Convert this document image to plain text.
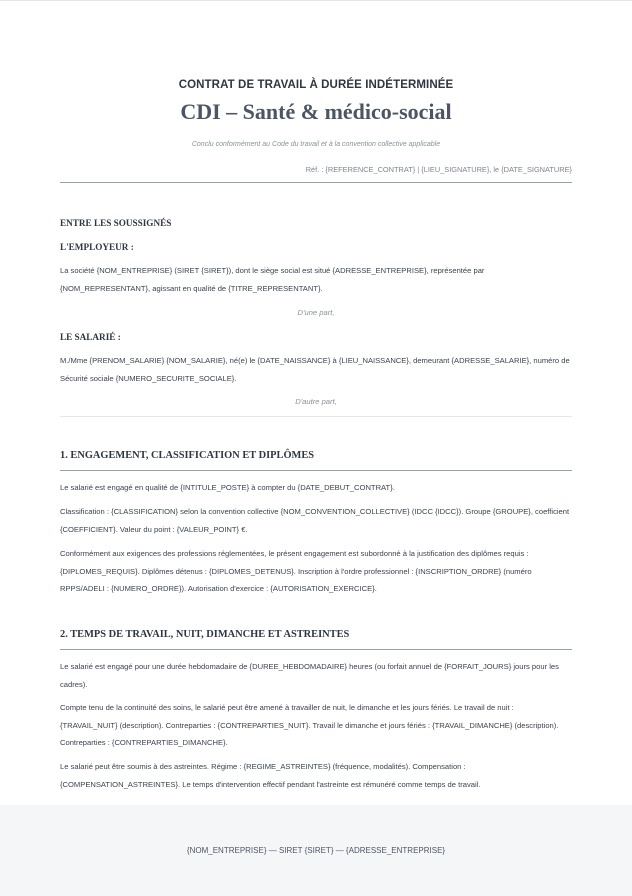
CONTRAT DE TRAVAIL À DURÉE INDÉTERMINÉE
CDI – Santé & médico-social
Conclu conformément au Code du travail et à la convention collective applicable
Réf. : {REFERENCE_CONTRAT} | {LIEU_SIGNATURE}, le {DATE_SIGNATURE}
ENTRE LES SOUSSIGNÉS
L'EMPLOYEUR :
La société {NOM_ENTREPRISE} (SIRET {SIRET}), dont le siège social est situé {ADRESSE_ENTREPRISE}, représentée par {NOM_REPRESENTANT}, agissant en qualité de {TITRE_REPRESENTANT}.
D'une part,
LE SALARIÉ :
M./Mme {PRENOM_SALARIE} {NOM_SALARIE}, né(e) le {DATE_NAISSANCE} à {LIEU_NAISSANCE}, demeurant {ADRESSE_SALARIE}, numéro de Sécurité sociale {NUMERO_SECURITE_SOCIALE}.
D'autre part,
1. ENGAGEMENT, CLASSIFICATION ET DIPLÔMES
Le salarié est engagé en qualité de {INTITULE_POSTE} à compter du {DATE_DEBUT_CONTRAT}.
Classification : {CLASSIFICATION} selon la convention collective {NOM_CONVENTION_COLLECTIVE} (IDCC {IDCC}). Groupe {GROUPE}, coefficient {COEFFICIENT}. Valeur du point : {VALEUR_POINT} €.
Conformément aux exigences des professions réglementées, le présent engagement est subordonné à la justification des diplômes requis : {DIPLOMES_REQUIS}. Diplômes détenus : {DIPLOMES_DETENUS}. Inscription à l'ordre professionnel : {INSCRIPTION_ORDRE} (numéro RPPS/ADELI : {NUMERO_ORDRE}). Autorisation d'exercice : {AUTORISATION_EXERCICE}.
2. TEMPS DE TRAVAIL, NUIT, DIMANCHE ET ASTREINTES
Le salarié est engagé pour une durée hebdomadaire de {DUREE_HEBDOMADAIRE} heures (ou forfait annuel de {FORFAIT_JOURS} jours pour les cadres).
Compte tenu de la continuité des soins, le salarié peut être amené à travailler de nuit, le dimanche et les jours fériés. Le travail de nuit : {TRAVAIL_NUIT} (description). Contreparties : {CONTREPARTIES_NUIT}. Travail le dimanche et jours fériés : {TRAVAIL_DIMANCHE} (description). Contreparties : {CONTREPARTIES_DIMANCHE}.
Le salarié peut être soumis à des astreintes. Régime : {REGIME_ASTREINTES} (fréquence, modalités). Compensation : {COMPENSATION_ASTREINTES}. Le temps d'intervention effectif pendant l'astreinte est rémunéré comme temps de travail.
{NOM_ENTREPRISE} — SIRET {SIRET} — {ADRESSE_ENTREPRISE}
